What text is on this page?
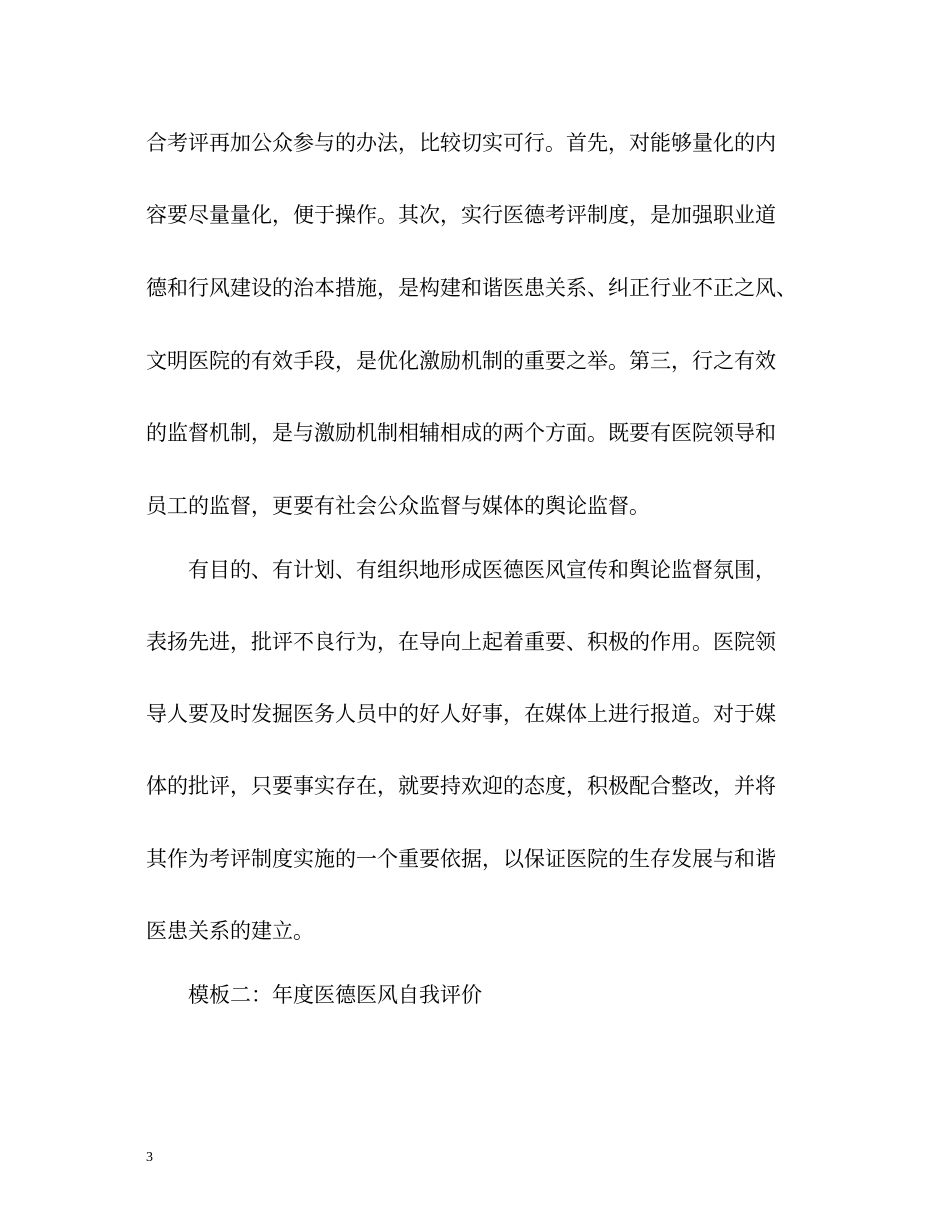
合考评再加公众参与的办法，比较切实可行。首先，对能够量化的内
容要尽量量化，便于操作。其次，实行医德考评制度，是加强职业道
德和行风建设的治本措施，是构建和谐医患关系、纠正行业不正之风、
文明医院的有效手段，是优化激励机制的重要之举。第三，行之有效
的监督机制，是与激励机制相辅相成的两个方面。既要有医院领导和
员工的监督，更要有社会公众监督与媒体的舆论监督。
有目的、有计划、有组织地形成医德医风宣传和舆论监督氛围，
表扬先进，批评不良行为，在导向上起着重要、积极的作用。医院领
导人要及时发掘医务人员中的好人好事，在媒体上进行报道。对于媒
体的批评，只要事实存在，就要持欢迎的态度，积极配合整改，并将
其作为考评制度实施的一个重要依据，以保证医院的生存发展与和谐
医患关系的建立。
模板二：年度医德医风自我评价
3
